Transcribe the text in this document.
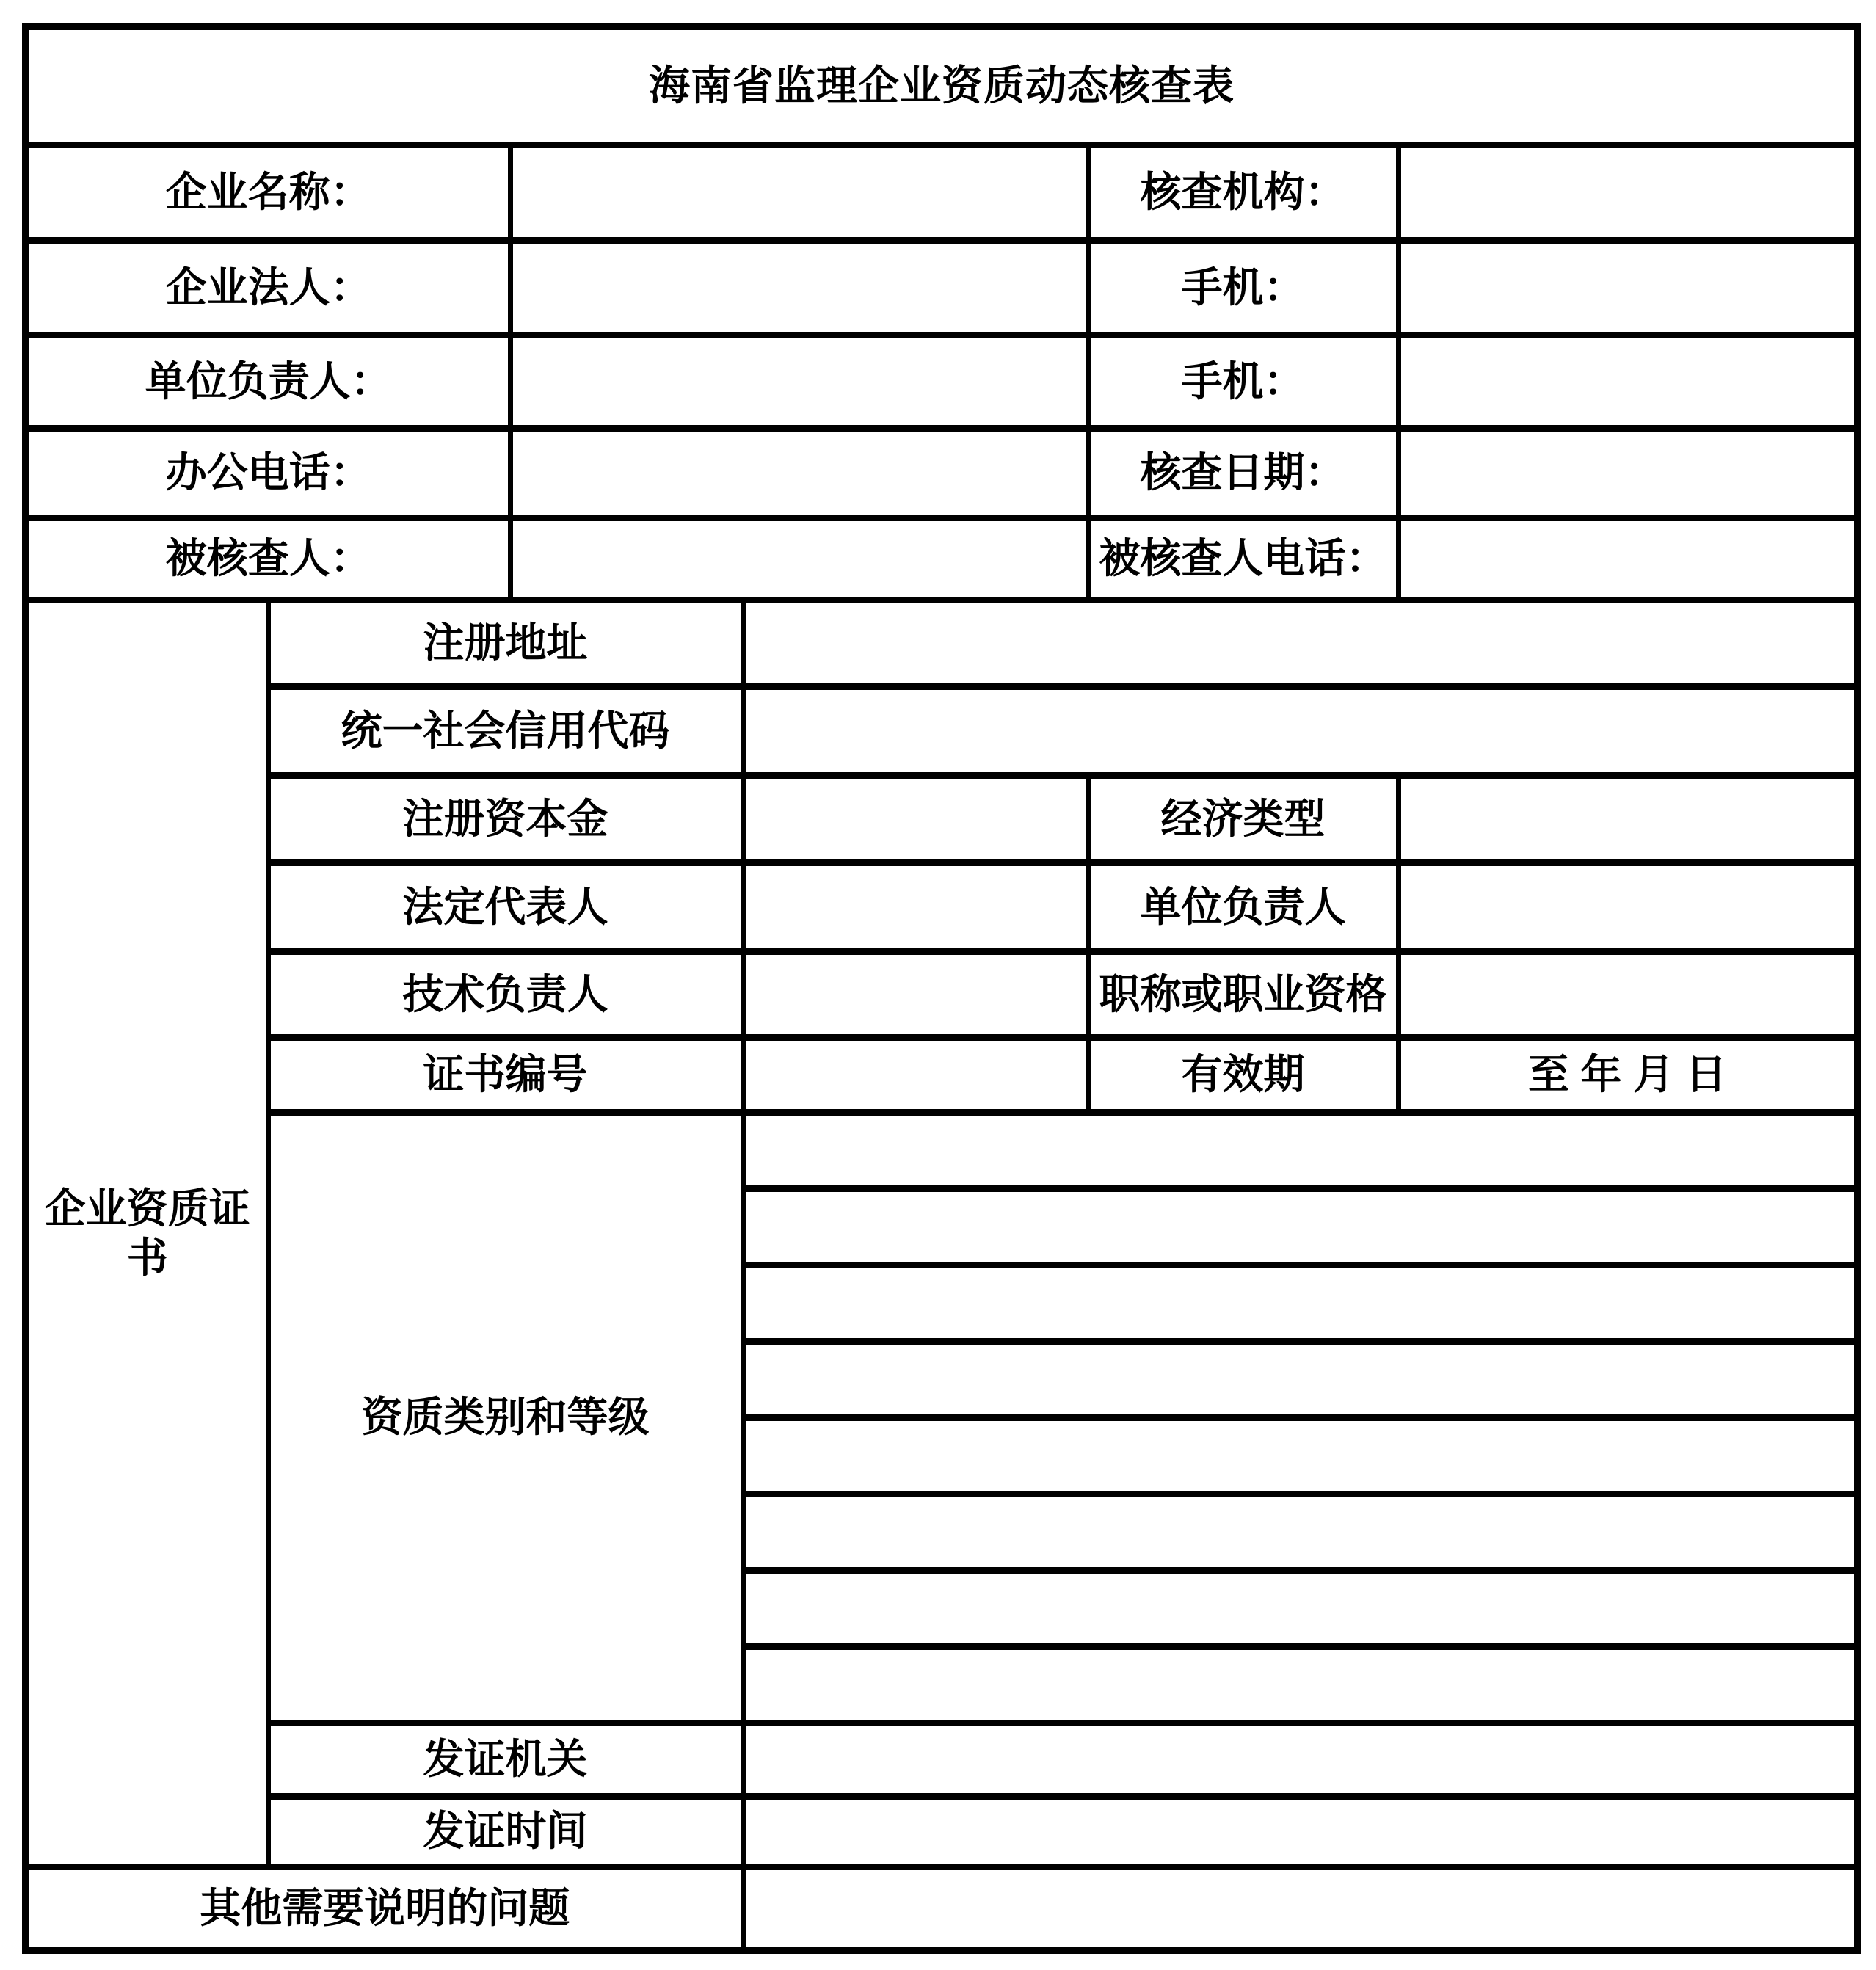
海南省监理企业资质动态核查表					
企业名称：				核查机构：	
企业法人：				手机：	
单位负责人：				手机：	
办公电话：				核查日期：	
被核查人：				被核查人电话：	
企业资质证书	注册地址				
	统一社会信用代码				
	注册资本金			经济类型	
	法定代表人			单位负责人	
	技术负责人			职称或职业资格	
	证书编号			有效期	至 年 月 日
	资质类别和等级				

	发证机关				
	发证时间				
其他需要说明的问题					
